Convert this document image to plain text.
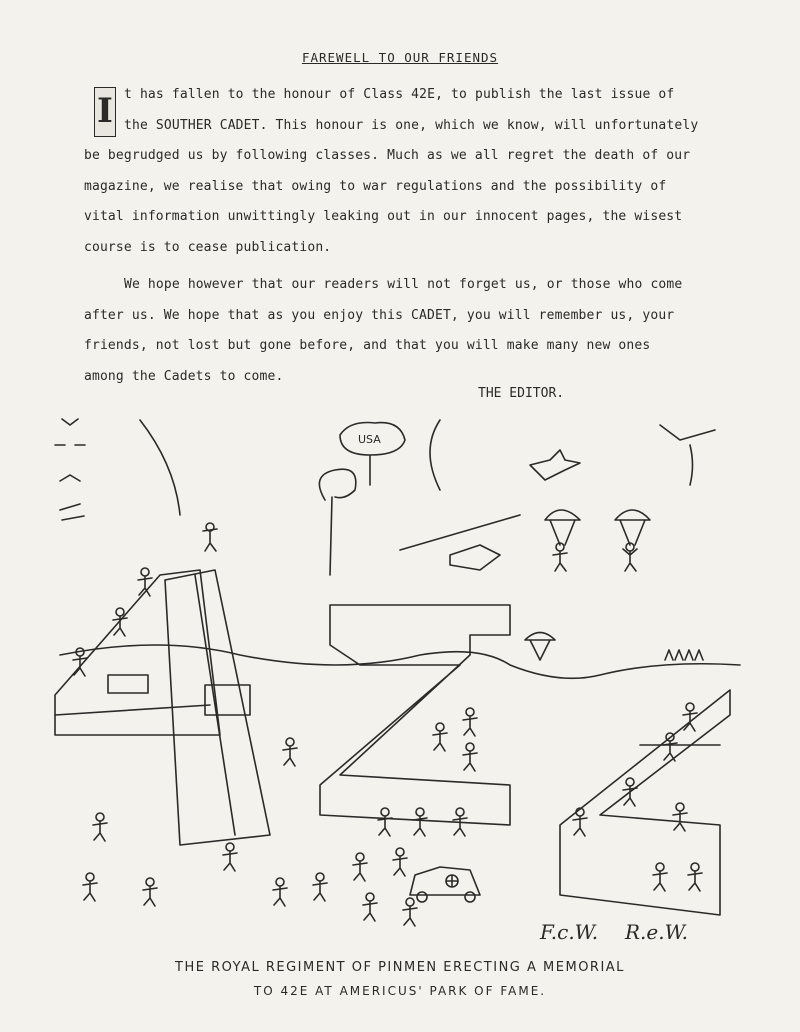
FAREWELL TO OUR FRIENDS
I t has fallen to the honour of Class 42E, to publish the last issue of
the SOUTHER CADET. This honour is one, which we know, will unfortunately
be begrudged us by following classes. Much as we all regret the death of our
magazine, we realise that owing to war regulations and the possibility of
vital information unwittingly leaking out in our innocent pages, the wisest
course is to cease publication.
We hope however that our readers will not forget us, or those who come
after us. We hope that as you enjoy this CADET, you will remember us, your
friends, not lost but gone before, and that you will make many new ones
among the Cadets to come.
THE EDITOR.
USA
F.c.W. R.e.W.
THE ROYAL REGIMENT OF PINMEN ERECTING A MEMORIAL
TO 42E AT AMERICUS' PARK OF FAME.
